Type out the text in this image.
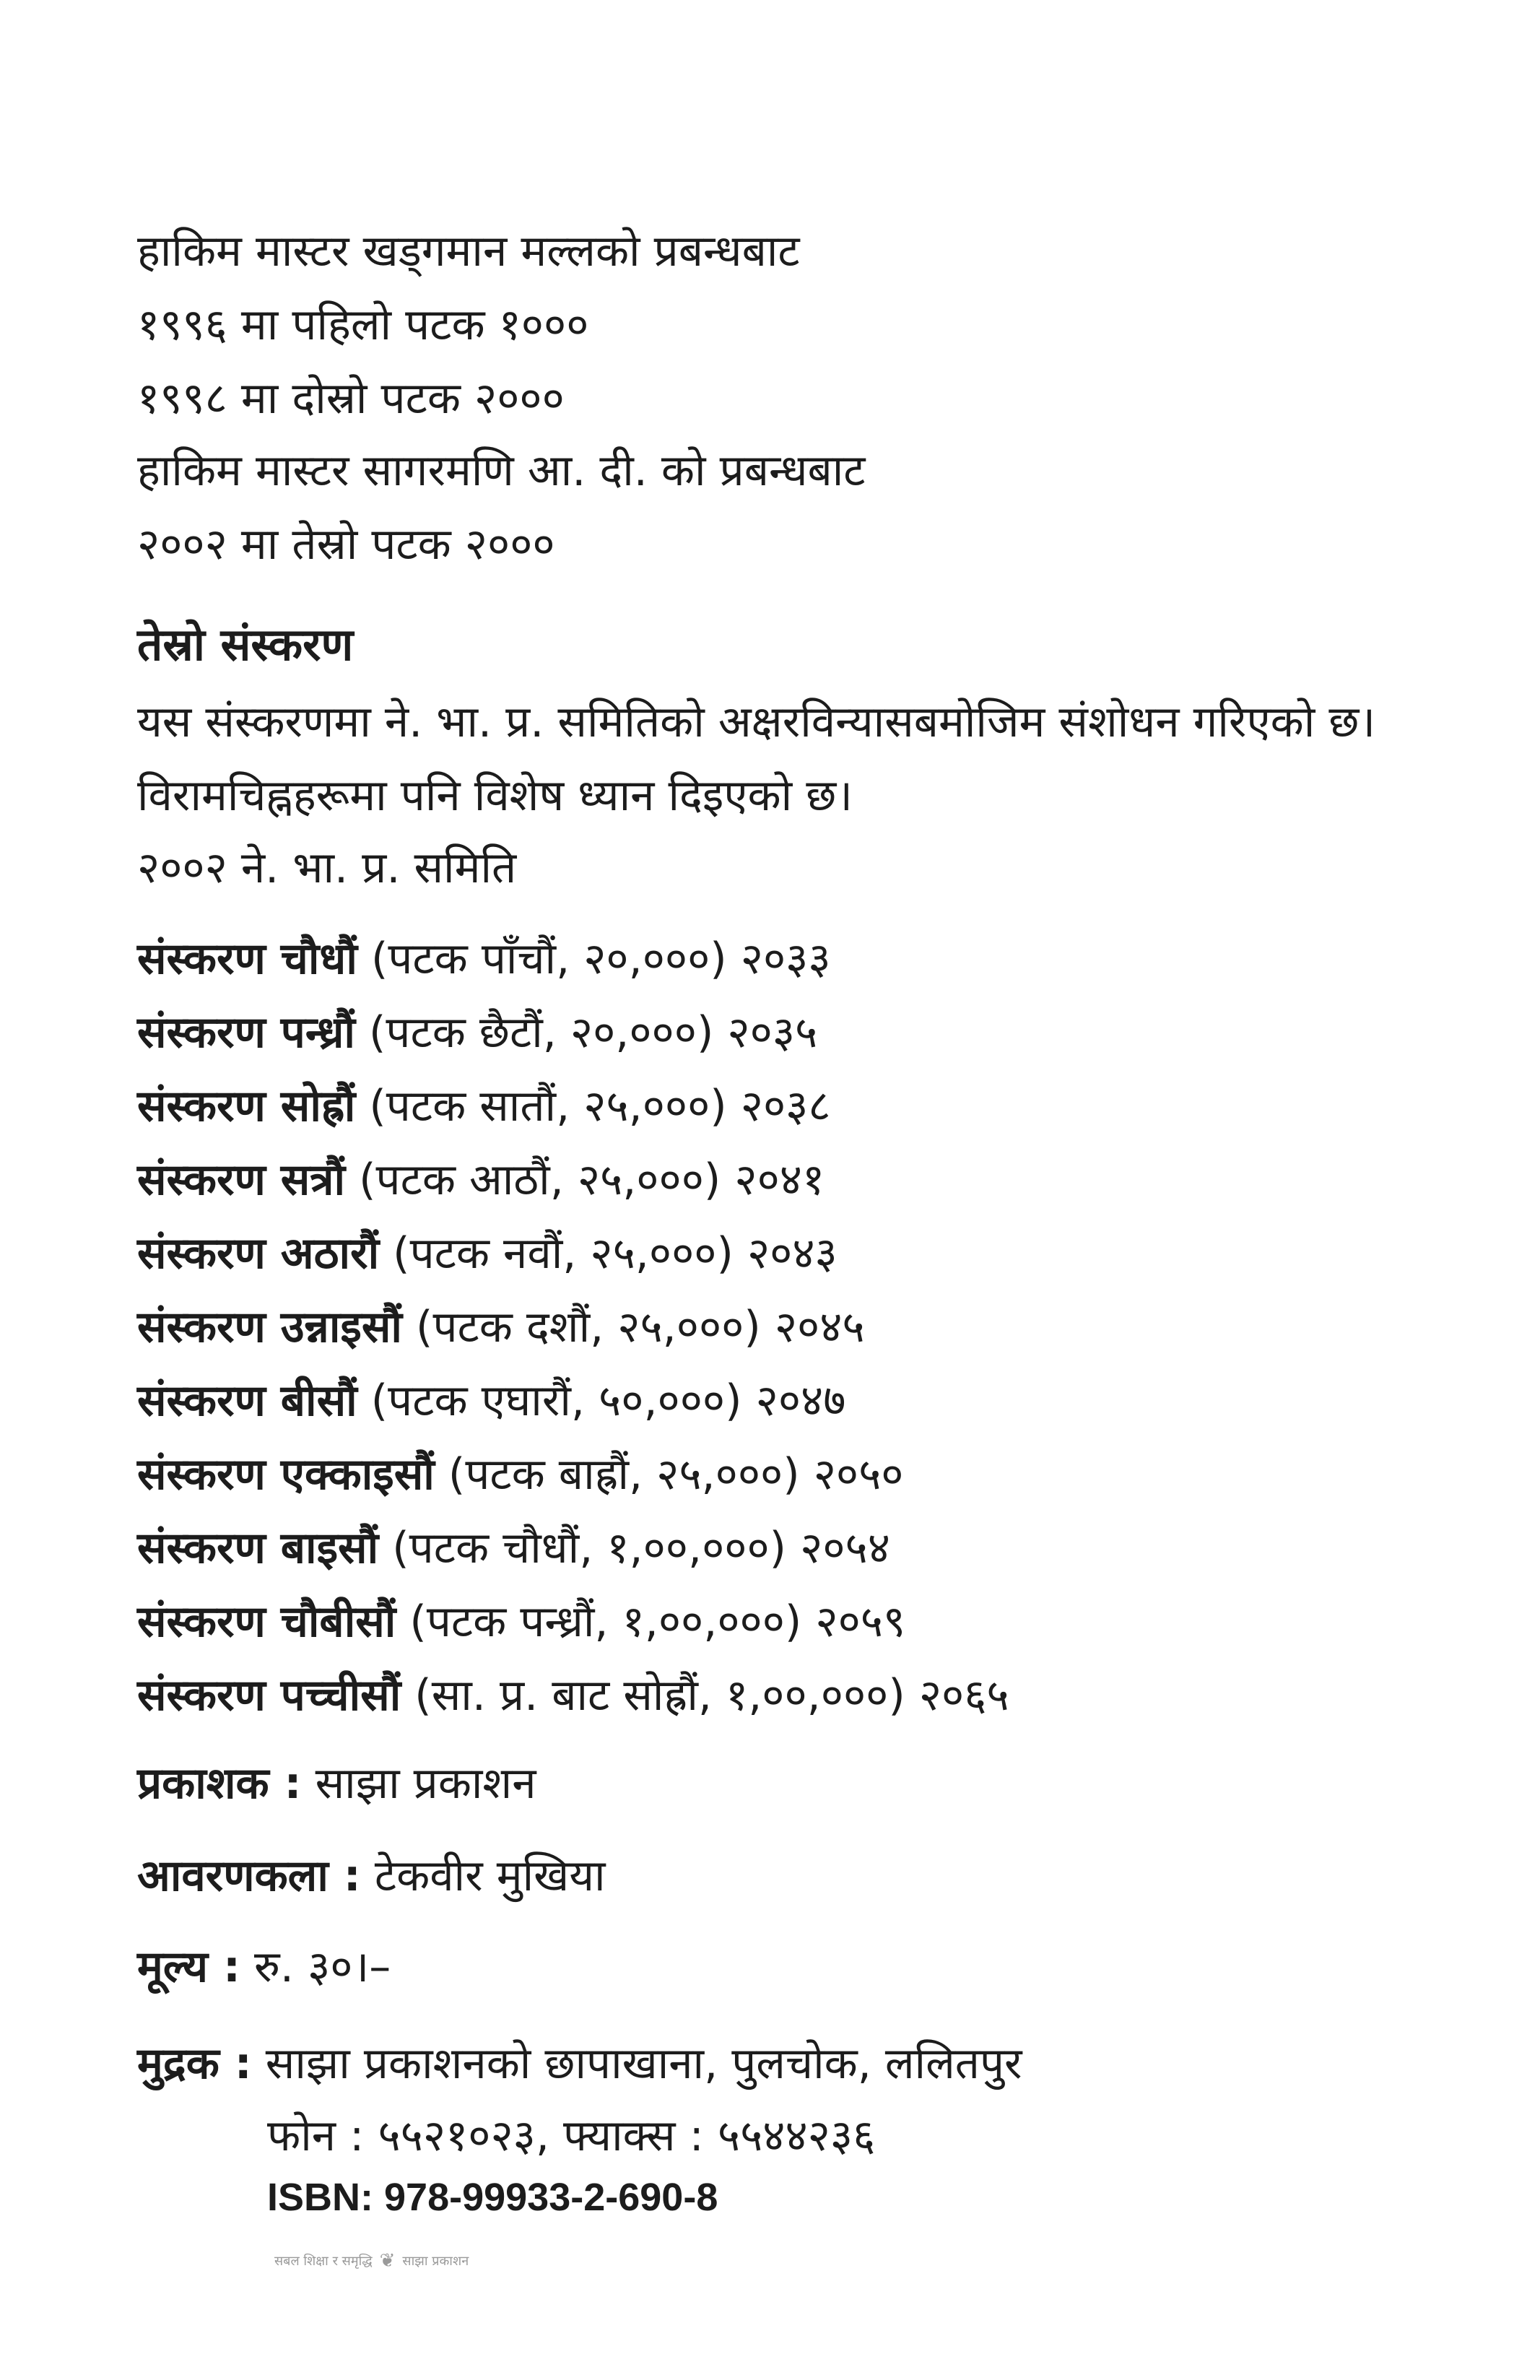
हाकिम मास्टर खड्गमान मल्लको प्रबन्धबाट
१९९६ मा पहिलो पटक १०००
१९९८ मा दोस्रो पटक २०००
हाकिम मास्टर सागरमणि आ. दी. को प्रबन्धबाट
२००२ मा तेस्रो पटक २०००
तेस्रो संस्करण
यस संस्करणमा ने. भा. प्र. समितिको अक्षरविन्यासबमोजिम संशोधन गरिएको छ।
विरामचिह्नहरूमा पनि विशेष ध्यान दिइएको छ।
२००२ ने. भा. प्र. समिति
संस्करण चौधौं (पटक पाँचौं, २०,०००) २०३३
संस्करण पन्ध्रौं (पटक छैटौं, २०,०००) २०३५
संस्करण सोह्रौं (पटक सातौं, २५,०००) २०३८
संस्करण सत्रौं (पटक आठौं, २५,०००) २०४१
संस्करण अठारौं (पटक नवौं, २५,०००) २०४३
संस्करण उन्नाइसौं (पटक दशौं, २५,०००) २०४५
संस्करण बीसौं (पटक एघारौं, ५०,०००) २०४७
संस्करण एक्काइसौं (पटक बाह्रौं, २५,०००) २०५०
संस्करण बाइसौं (पटक चौधौं, १,००,०००) २०५४
संस्करण चौबीसौं (पटक पन्ध्रौं, १,००,०००) २०५९
संस्करण पच्चीसौं (सा. प्र. बाट सोह्रौं, १,००,०००) २०६५
प्रकाशक : साझा प्रकाशन
आवरणकला : टेकवीर मुखिया
मूल्य : रु. ३०।–
मुद्रक : साझा प्रकाशनको छापाखाना, पुलचोक, ललितपुर
फोन : ५५२१०२३, फ्याक्स : ५५४४२३६
ISBN: 978-99933-2-690-8
सबल शिक्षा र समृद्धि ❦ साझा प्रकाशन
